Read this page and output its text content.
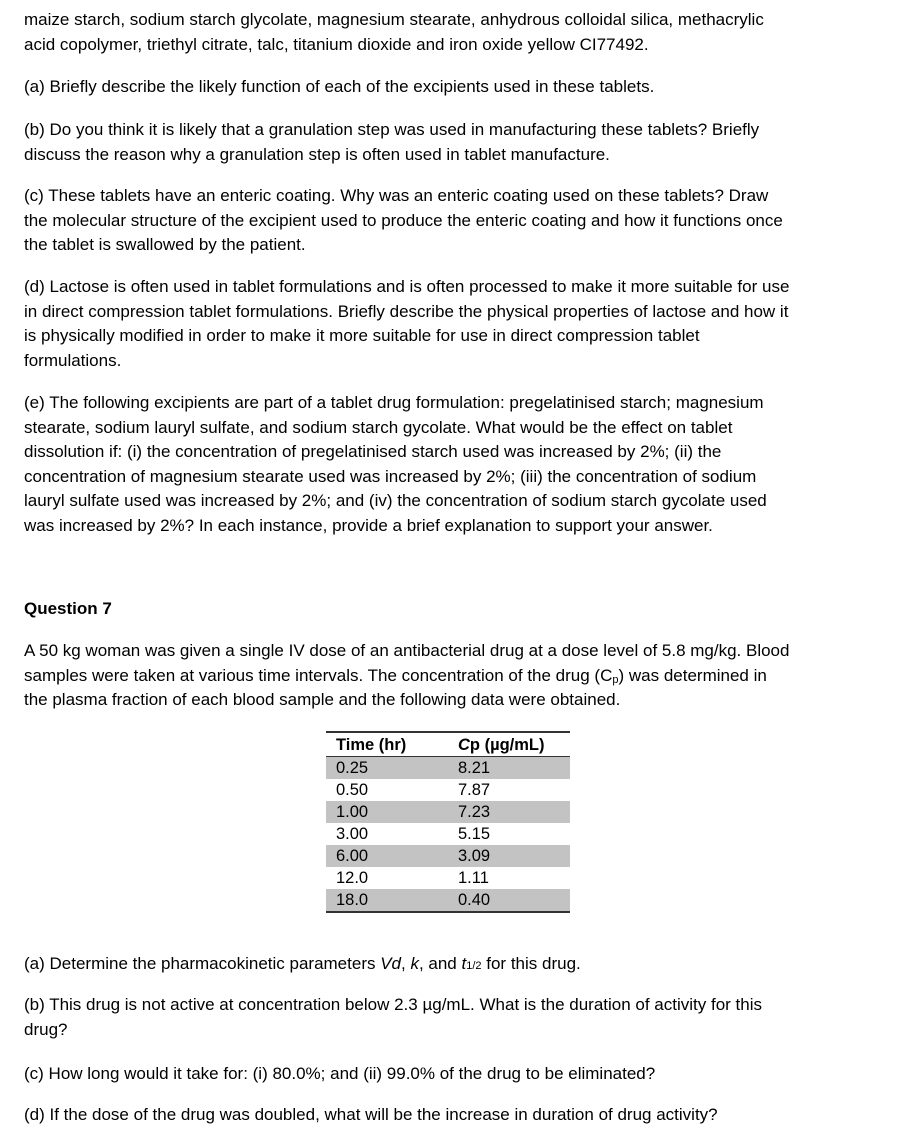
maize starch, sodium starch glycolate, magnesium stearate, anhydrous colloidal silica, methacrylic
acid copolymer, triethyl citrate, talc, titanium dioxide and iron oxide yellow CI77492.
(a) Briefly describe the likely function of each of the excipients used in these tablets.
(b) Do you think it is likely that a granulation step was used in manufacturing these tablets? Briefly
discuss the reason why a granulation step is often used in tablet manufacture.
(c) These tablets have an enteric coating. Why was an enteric coating used on these tablets? Draw
the molecular structure of the excipient used to produce the enteric coating and how it functions once
the tablet is swallowed by the patient.
(d) Lactose is often used in tablet formulations and is often processed to make it more suitable for use
in direct compression tablet formulations. Briefly describe the physical properties of lactose and how it
is physically modified in order to make it more suitable for use in direct compression tablet
formulations.
(e) The following excipients are part of a tablet drug formulation: pregelatinised starch; magnesium
stearate, sodium lauryl sulfate, and sodium starch gycolate. What would be the effect on tablet
dissolution if: (i) the concentration of pregelatinised starch used was increased by 2%; (ii) the
concentration of magnesium stearate used was increased by 2%; (iii) the concentration of sodium
lauryl sulfate used was increased by 2%; and (iv) the concentration of sodium starch gycolate used
was increased by 2%? In each instance, provide a brief explanation to support your answer.
Question 7
A 50 kg woman was given a single IV dose of an antibacterial drug at a dose level of 5.8 mg/kg. Blood
samples were taken at various time intervals. The concentration of the drug $(C_p)$ was determined in
the plasma fraction of each blood sample and the following data were obtained.
Time (hr)	Cp (µg/mL)
0.25	8.21
0.50	7.87
1.00	7.23
3.00	5.15
6.00	3.09
12.0	1.11
18.0	0.40
(a) Determine the pharmacokinetic parameters Vd, k, and t1/2 for this drug.
(b) This drug is not active at concentration below 2.3 µg/mL. What is the duration of activity for this
drug?
(c) How long would it take for: (i) 80.0%; and (ii) 99.0% of the drug to be eliminated?
(d) If the dose of the drug was doubled, what will be the increase in duration of drug activity?
